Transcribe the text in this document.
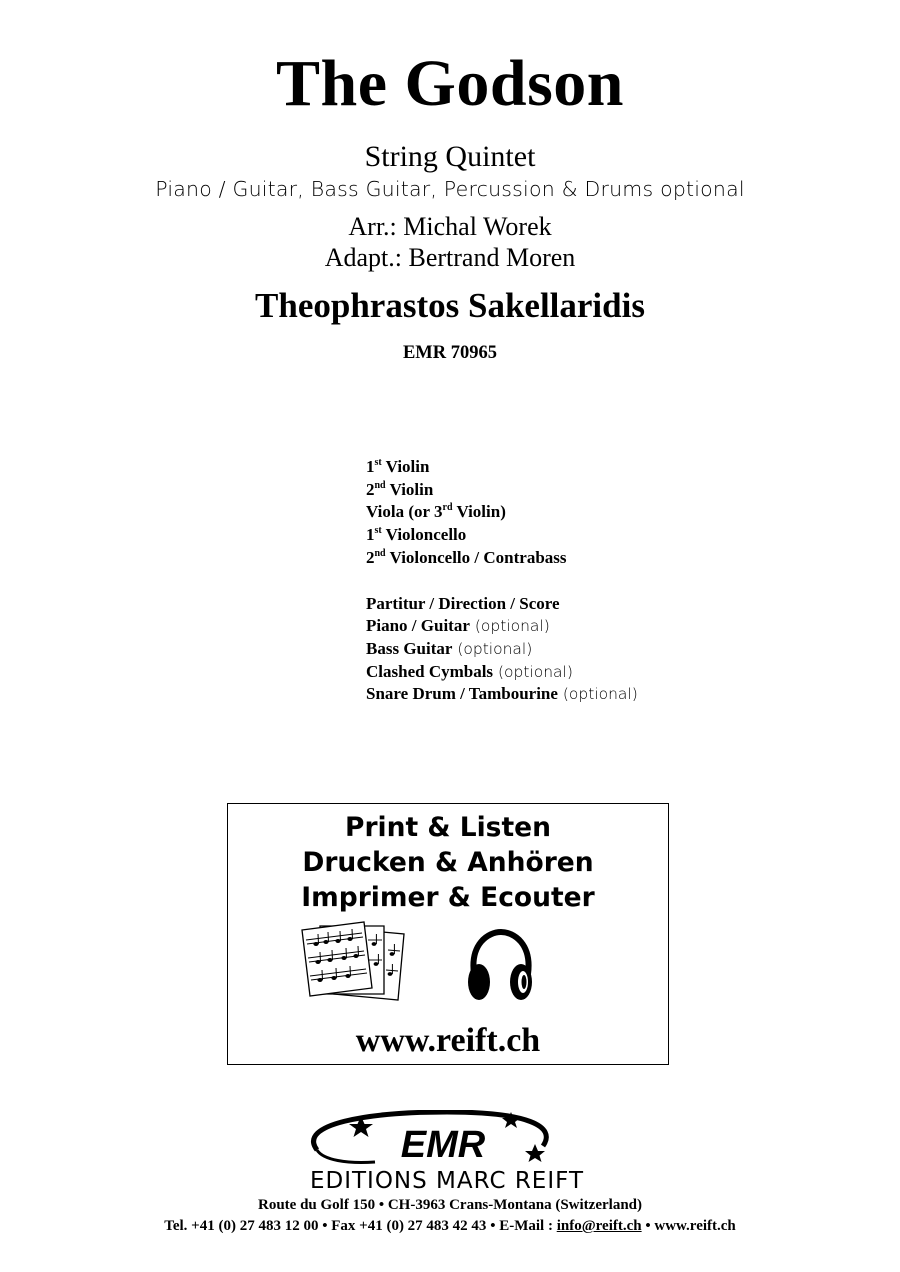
The Godson
String Quintet
Piano / Guitar, Bass Guitar, Percussion & Drums optional
Arr.: Michal Worek
Adapt.: Bertrand Moren
Theophrastos Sakellaridis
EMR 70965
1st Violin
2nd Violin
Viola (or 3rd Violin)
1st Violoncello
2nd Violoncello / Contrabass
Partitur / Direction / Score
Piano / Guitar (optional)
Bass Guitar (optional)
Clashed Cymbals (optional)
Snare Drum / Tambourine (optional)
Print & Listen
Drucken & Anhören
Imprimer & Ecouter
www.reift.ch
EMR
EDITIONS MARC REIFT
Route du Golf 150 • CH-3963 Crans-Montana (Switzerland)
Tel. +41 (0) 27 483 12 00 • Fax +41 (0) 27 483 42 43 • E-Mail : info@reift.ch • www.reift.ch
